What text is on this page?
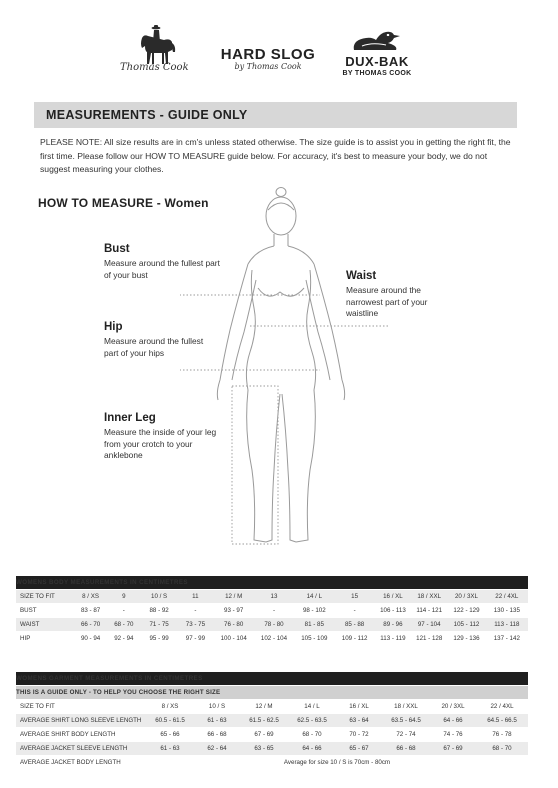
Thomas Cook
HARD SLOG
by Thomas Cook	DUX-BAK
BY THOMAS COOK
MEASUREMENTS - GUIDE ONLY
PLEASE NOTE: All size results are in cm's unless stated otherwise. The size guide is to assist you in getting the right fit, the first time. Please follow our HOW TO MEASURE guide below. For accuracy, it's best to measure your body, we do not suggest measuring your clothes.
HOW TO MEASURE - Women
Bust
Measure around the fullest part of your bust	Waist
Measure around the narrowest part of your waistline
Hip
Measure around the fullest part of your hips
Inner Leg
Measure the inside of your leg from your crotch to your anklebone
WOMENS BODY MEASUREMENTS IN CENTIMETRES												
SIZE TO FIT	8 / XS	9	10 / S	11	12 / M	13	14 / L	15	16 / XL	18 / XXL	20 / 3XL	22 / 4XL
BUST	83 - 87	-	88 - 92	-	93 - 97	-	98 - 102	-	106 - 113	114 - 121	122 - 129	130 - 135
WAIST	66 - 70	68 - 70	71 - 75	73 - 75	76 - 80	78 - 80	81 - 85	85 - 88	89 - 96	97 - 104	105 - 112	113 - 118
HIP	90 - 94	92 - 94	95 - 99	97 - 99	100 - 104	102 - 104	105 - 109	109 - 112	113 - 119	121 - 128	129 - 136	137 - 142
WOMENS GARMENT MEASUREMENTS IN CENTIMETRES								
THIS IS A GUIDE ONLY - TO HELP YOU CHOOSE THE RIGHT SIZE								
SIZE TO FIT	8 / XS	10 / S	12 / M	14 / L	16 / XL	18 / XXL	20 / 3XL	22 / 4XL
AVERAGE SHIRT LONG SLEEVE LENGTH	60.5 - 61.5	61 - 63	61.5 - 62.5	62.5 - 63.5	63 - 64	63.5 - 64.5	64 - 66	64.5 - 66.5
AVERAGE SHIRT BODY LENGTH	65 - 66	66 - 68	67 - 69	68 - 70	70 - 72	72 - 74	74 - 76	76 - 78
AVERAGE JACKET SLEEVE LENGTH	61 - 63	62 - 64	63 - 65	64 - 66	65 - 67	66 - 68	67 - 69	68 - 70
AVERAGE JACKET BODY LENGTH	Average for size 10 / S is 70cm - 80cm							
